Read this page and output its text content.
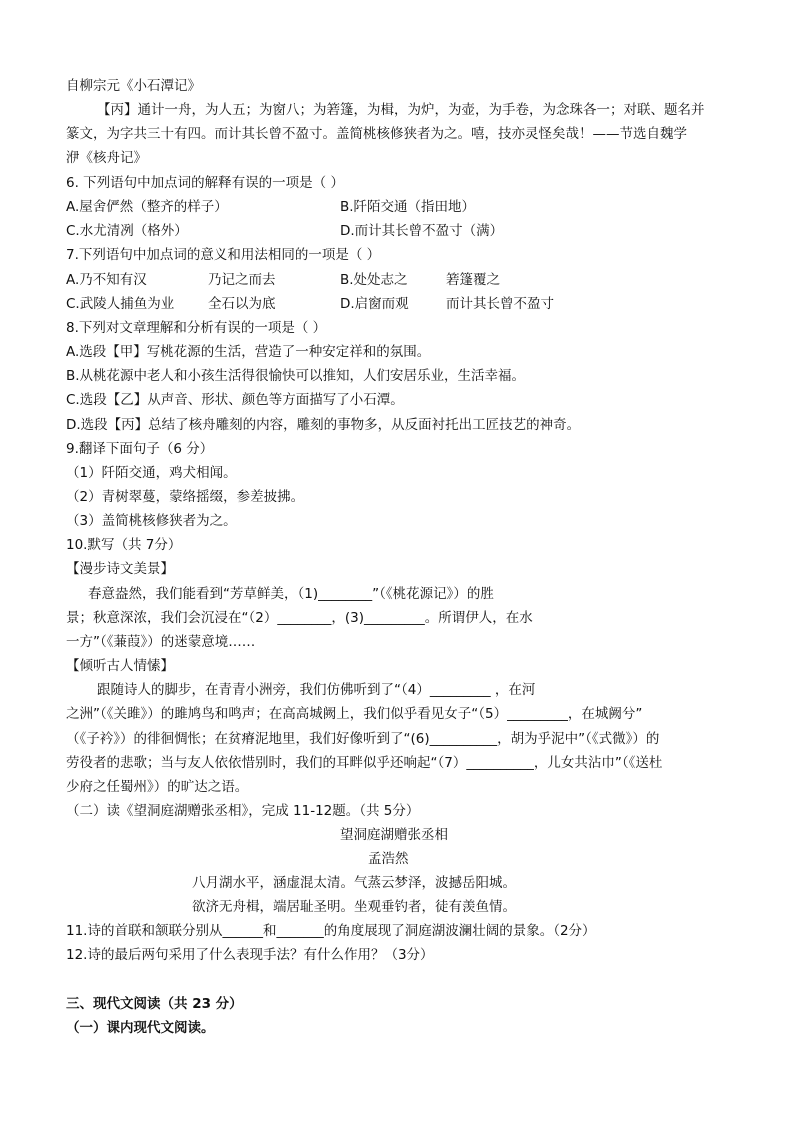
自柳宗元《小石潭记》
【丙】通计一舟，为人五；为窗八；为箬篷，为楫，为炉，为壶，为手卷，为念珠各一；对联、题名并
篆文，为字共三十有四。而计其长曾不盈寸。盖简桃核修狭者为之。嘻，技亦灵怪矣哉！——节选自魏学
洢《核舟记》
6. 下列语句中加点词的解释有误的一项是（ ）
A.屋舍俨然（整齐的样子）	B.阡陌交通（指田地）
C.水尤清冽（格外）	D.而计其长曾不盈寸（满）
7.下列语句中加点词的意义和用法相同的一项是（ ）
A.乃不知有汉	乃记之而去	B.处处志之	箬篷覆之
C.武陵人捕鱼为业	全石以为底	D.启窗而观	而计其长曾不盈寸
8.下列对文章理解和分析有误的一项是（ ）
A.选段【甲】写桃花源的生活，营造了一种安定祥和的氛围。
B.从桃花源中老人和小孩生活得很愉快可以推知，人们安居乐业，生活幸福。
C.选段【乙】从声音、形状、颜色等方面描写了小石潭。
D.选段【丙】总结了核舟雕刻的内容，雕刻的事物多，从反面衬托出工匠技艺的神奇。
9.翻译下面句子（6 分）
（1）阡陌交通，鸡犬相闻。
（2）青树翠蔓，蒙络摇缀，参差披拂。
（3）盖简桃核修狭者为之。
10.默写（共 7分）
【漫步诗文美景】
春意盎然，我们能看到“芳草鲜美，（1)________”（《桃花源记》）的胜
景；秋意深浓，我们会沉浸在“（2）________，(3)_________。所谓伊人，在水
一方”（《蒹葭》）的迷蒙意境……
【倾听古人情愫】
跟随诗人的脚步，在青青小洲旁，我们仿佛听到了“（4）_________ ，在河
之洲”（《关雎》）的雎鸠鸟和鸣声；在高高城阙上，我们似乎看见女子“（5）_________，在城阙兮”
（《子衿》）的徘徊惆怅；在贫瘠泥地里，我们好像听到了“(6)__________，胡为乎泥中”（《式微》）的
劳役者的悲歌；当与友人依依惜别时，我们的耳畔似乎还响起“（7）__________，儿女共沾巾”（《送杜
少府之任蜀州》）的旷达之语。
（二）读《望洞庭湖赠张丞相》，完成 11-12题。（共 5分）
望洞庭湖赠张丞相
孟浩然
八月湖水平，涵虚混太清。气蒸云梦泽，波撼岳阳城。
欲济无舟楫，端居耻圣明。坐观垂钓者，徒有羡鱼情。
11.诗的首联和颔联分别从______和_______的角度展现了洞庭湖波澜壮阔的景象。（2分）
12.诗的最后两句采用了什么表现手法？有什么作用？（3分）
三、现代文阅读（共 23 分）
（一）课内现代文阅读。
